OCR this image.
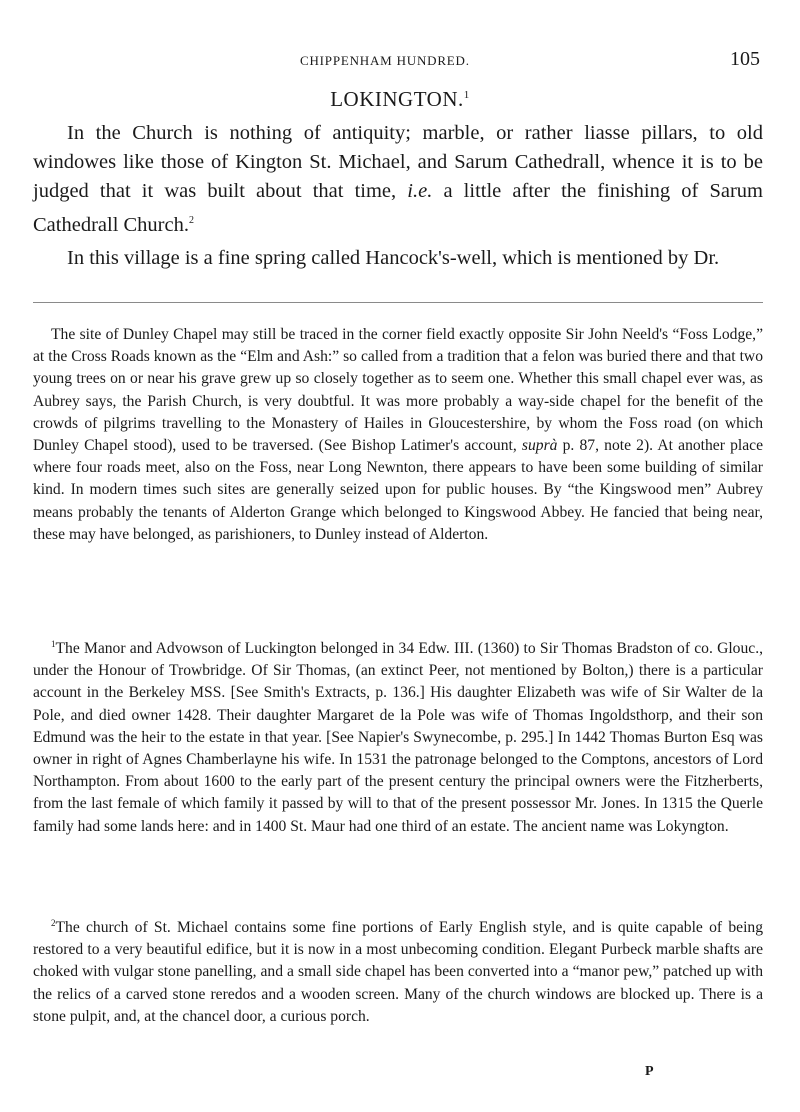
CHIPPENHAM HUNDRED.	105
LOKINGTON.$^1$

In the Church is nothing of antiquity; marble, or rather liasse pillars, to old windowes like those of Kington St. Michael, and Sarum Cathedrall, whence it is to be judged that it was built about that time, i.e. a little after the finishing of Sarum Cathedrall Church.$^2$

In this village is a fine spring called Hancock's-well, which is mentioned by Dr.

The site of Dunley Chapel may still be traced in the corner field exactly opposite Sir John Neeld's “Foss Lodge,” at the Cross Roads known as the “Elm and Ash:” so called from a tradition that a felon was buried there and that two young trees on or near his grave grew up so closely together as to seem one. Whether this small chapel ever was, as Aubrey says, the Parish Church, is very doubtful. It was more probably a way-side chapel for the benefit of the crowds of pilgrims travelling to the Monastery of Hailes in Gloucestershire, by whom the Foss road (on which Dunley Chapel stood), used to be traversed. (See Bishop Latimer's account, suprà p. 87, note 2). At another place where four roads meet, also on the Foss, near Long Newnton, there appears to have been some building of similar kind. In modern times such sites are generally seized upon for public houses. By “the Kingswood men” Aubrey means probably the tenants of Alderton Grange which belonged to Kingswood Abbey. He fancied that being near, these may have belonged, as parishioners, to Dunley instead of Alderton.

$^1$The Manor and Advowson of Luckington belonged in 34 Edw. III. (1360) to Sir Thomas Bradston of co. Glouc., under the Honour of Trowbridge. Of Sir Thomas, (an extinct Peer, not mentioned by Bolton,) there is a particular account in the Berkeley MSS. [See Smith's Extracts, p. 136.] His daughter Elizabeth was wife of Sir Walter de la Pole, and died owner 1428. Their daughter Margaret de la Pole was wife of Thomas Ingoldsthorp, and their son Edmund was the heir to the estate in that year. [See Napier's Swynecombe, p. 295.] In 1442 Thomas Burton Esq was owner in right of Agnes Chamberlayne his wife. In 1531 the patronage belonged to the Comptons, ancestors of Lord Northampton. From about 1600 to the early part of the present century the principal owners were the Fitzherberts, from the last female of which family it passed by will to that of the present possessor Mr. Jones. In 1315 the Querle family had some lands here: and in 1400 St. Maur had one third of an estate. The ancient name was Lokyngton.

$^2$The church of St. Michael contains some fine portions of Early English style, and is quite capable of being restored to a very beautiful edifice, but it is now in a most unbecoming condition. Elegant Purbeck marble shafts are choked with vulgar stone panelling, and a small side chapel has been converted into a “manor pew,” patched up with the relics of a carved stone reredos and a wooden screen. Many of the church windows are blocked up. There is a stone pulpit, and, at the chancel door, a curious porch.

P
